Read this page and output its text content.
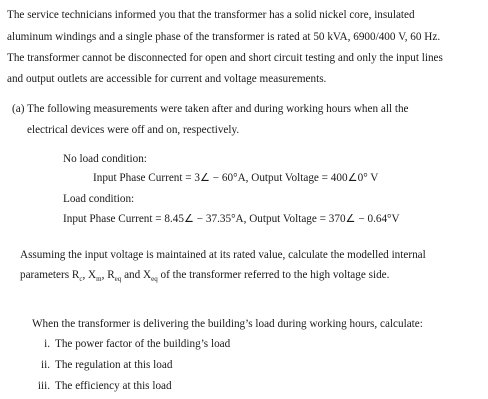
The service technicians informed you that the transformer has a solid nickel core, insulated
aluminum windings and a single phase of the transformer is rated at 50 kVA, 6900/400 V, 60 Hz.
The transformer cannot be disconnected for open and short circuit testing and only the input lines
and output outlets are accessible for current and voltage measurements.
(a) The following measurements were taken after and during working hours when all the
electrical devices were off and on, respectively.
No load condition:
Input Phase Current = 3∠ − 60°A, Output Voltage = 400∠0° V
Load condition:
Input Phase Current = 8.45∠ − 37.35°A, Output Voltage = 370∠ − 0.64°V
Assuming the input voltage is maintained at its rated value, calculate the modelled internal
parameters $R_c$, $X_m$, $R_{eq}$ and $X_{eq}$ of the transformer referred to the high voltage side.
When the transformer is delivering the building’s load during working hours, calculate:
i. The power factor of the building’s load
ii. The regulation at this load
iii. The efficiency at this load
